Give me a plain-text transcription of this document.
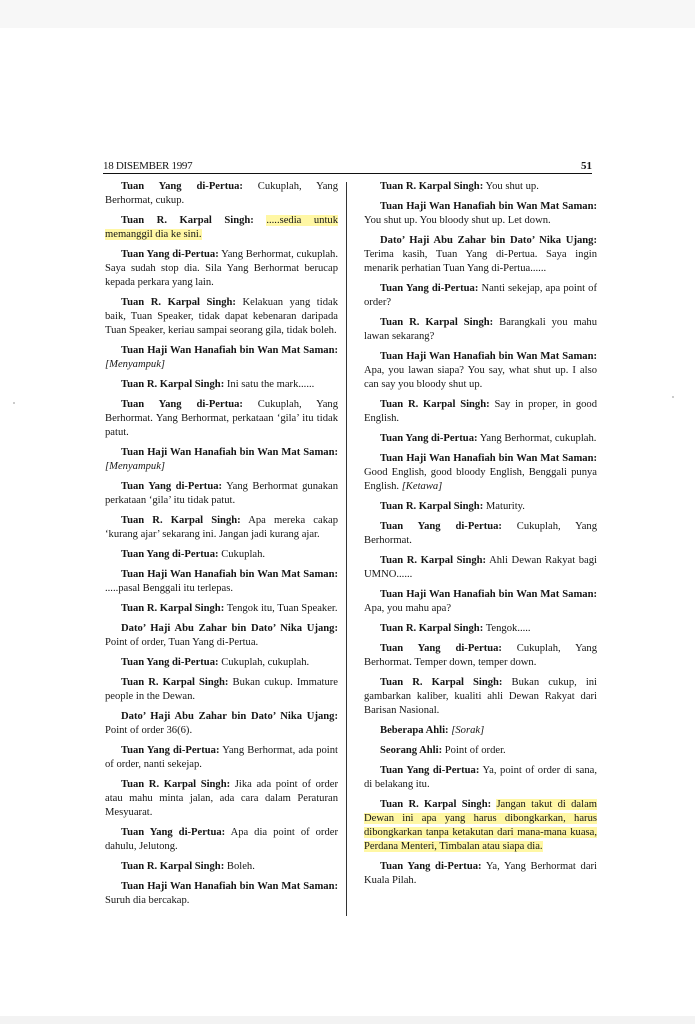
18 DISEMBER 1997	51

Tuan Yang di-Pertua: Cukuplah, Yang Berhormat, cukup.

Tuan R. Karpal Singh: .....sedia untuk memanggil dia ke sini.

Tuan Yang di-Pertua: Yang Berhormat, cukuplah. Saya sudah stop dia. Sila Yang Berhormat berucap kepada perkara yang lain.

Tuan R. Karpal Singh: Kelakuan yang tidak baik, Tuan Speaker, tidak dapat kebenaran daripada Tuan Speaker, keriau sampai seorang gila, tidak boleh.

Tuan Haji Wan Hanafiah bin Wan Mat Saman: [Menyampuk]

Tuan R. Karpal Singh: Ini satu the mark......

Tuan Yang di-Pertua: Cukuplah, Yang Berhormat. Yang Berhormat, perkataan ‘gila’ itu tidak patut.

Tuan Haji Wan Hanafiah bin Wan Mat Saman: [Menyampuk]

Tuan Yang di-Pertua: Yang Berhormat gunakan perkataan ‘gila’ itu tidak patut.

Tuan R. Karpal Singh: Apa mereka cakap ‘kurang ajar’ sekarang ini. Jangan jadi kurang ajar.

Tuan Yang di-Pertua: Cukuplah.

Tuan Haji Wan Hanafiah bin Wan Mat Saman: .....pasal Benggali itu terlepas.

Tuan R. Karpal Singh: Tengok itu, Tuan Speaker.

Dato’ Haji Abu Zahar bin Dato’ Nika Ujang: Point of order, Tuan Yang di-Pertua.

Tuan Yang di-Pertua: Cukuplah, cukuplah.

Tuan R. Karpal Singh: Bukan cukup. Immature people in the Dewan.

Dato’ Haji Abu Zahar bin Dato’ Nika Ujang: Point of order 36(6).

Tuan Yang di-Pertua: Yang Berhormat, ada point of order, nanti sekejap.

Tuan R. Karpal Singh: Jika ada point of order atau mahu minta jalan, ada cara dalam Peraturan Mesyuarat.

Tuan Yang di-Pertua: Apa dia point of order dahulu, Jelutong.

Tuan R. Karpal Singh: Boleh.

Tuan Haji Wan Hanafiah bin Wan Mat Saman: Suruh dia bercakap.

Tuan R. Karpal Singh: You shut up.

Tuan Haji Wan Hanafiah bin Wan Mat Saman: You shut up. You bloody shut up. Let down.

Dato’ Haji Abu Zahar bin Dato’ Nika Ujang: Terima kasih, Tuan Yang di-Pertua. Saya ingin menarik perhatian Tuan Yang di-Pertua......

Tuan Yang di-Pertua: Nanti sekejap, apa point of order?

Tuan R. Karpal Singh: Barangkali you mahu lawan sekarang?

Tuan Haji Wan Hanafiah bin Wan Mat Saman: Apa, you lawan siapa? You say, what shut up. I also can say you bloody shut up.

Tuan R. Karpal Singh: Say in proper, in good English.

Tuan Yang di-Pertua: Yang Berhormat, cukuplah.

Tuan Haji Wan Hanafiah bin Wan Mat Saman: Good English, good bloody English, Benggali punya English. [Ketawa]

Tuan R. Karpal Singh: Maturity.

Tuan Yang di-Pertua: Cukuplah, Yang Berhormat.

Tuan R. Karpal Singh: Ahli Dewan Rakyat bagi UMNO......

Tuan Haji Wan Hanafiah bin Wan Mat Saman: Apa, you mahu apa?

Tuan R. Karpal Singh: Tengok.....

Tuan Yang di-Pertua: Cukuplah, Yang Berhormat. Temper down, temper down.

Tuan R. Karpal Singh: Bukan cukup, ini gambarkan kaliber, kualiti ahli Dewan Rakyat dari Barisan Nasional.

Beberapa Ahli: [Sorak]

Seorang Ahli: Point of order.

Tuan Yang di-Pertua: Ya, point of order di sana, di belakang itu.

Tuan R. Karpal Singh: Jangan takut di dalam Dewan ini apa yang harus dibongkarkan, harus dibongkarkan tanpa ketakutan dari mana-mana kuasa, Perdana Menteri, Timbalan atau siapa dia.

Tuan Yang di-Pertua: Ya, Yang Berhormat dari Kuala Pilah.
